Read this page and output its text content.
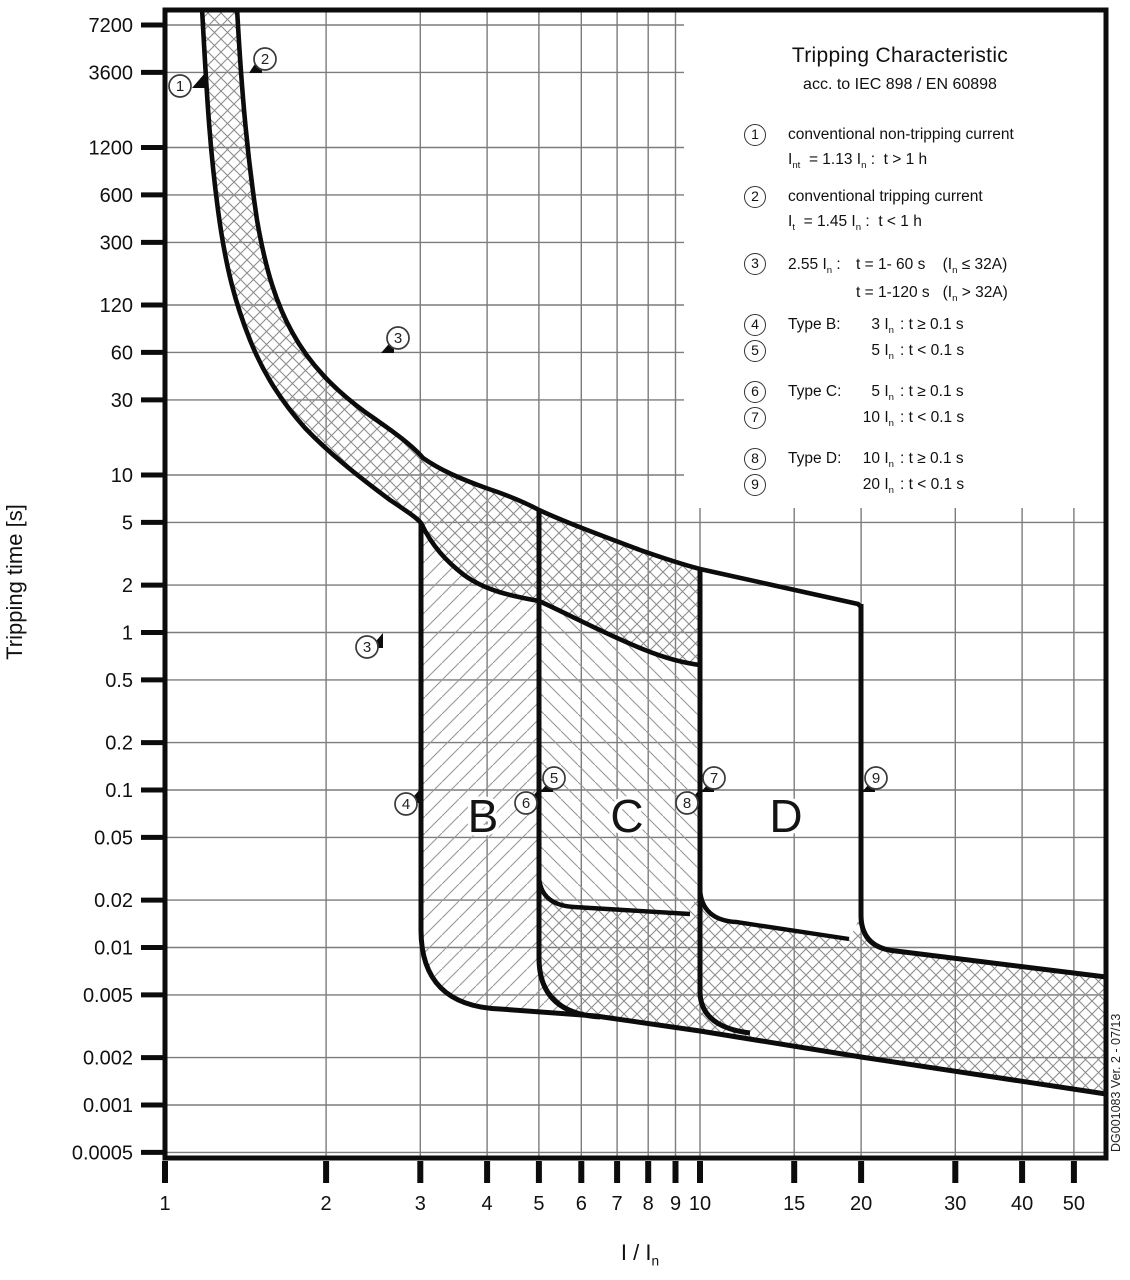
B C	D
1
2
3
3
4
5
6
7
8
9
7200
3600
1200
600
300
120
60
30
10
5
2
1
0.5
0.2
0.1
0.05
0.02
0.01
0.005
0.002
0.001
0.0005
1	2	3	4 5 6 7 8 9 10	15 20	30 40 50
Tripping Characteristic
acc. to IEC 898 / EN 60898
1	conventional non-tripping current
$I_{nt} = 1.13$ $I_n$ :  t > 1 h
2	conventional tripping current
$I_t = 1.45$ $I_n$ :  t < 1 h
3	2.55 $I_n$ : t = 1- 60 s    $(I_n \le 32A)$
t = 1-120 s   $(I_n > 32A)$
4	Type B:	3 $I_n$ : t ≥ 0.1 s
5	5 $I_n$ : t < 0.1 s
6	Type C:	5 $I_n$ : t ≥ 0.1 s
7	10 $I_n$ : t < 0.1 s
8	Type D:	10 $I_n$ : t ≥ 0.1 s
9	20 $I_n$ : t < 0.1 s
Tripping time [s]
I / $I_n$
DG001083 Ver. 2 - 07/13
